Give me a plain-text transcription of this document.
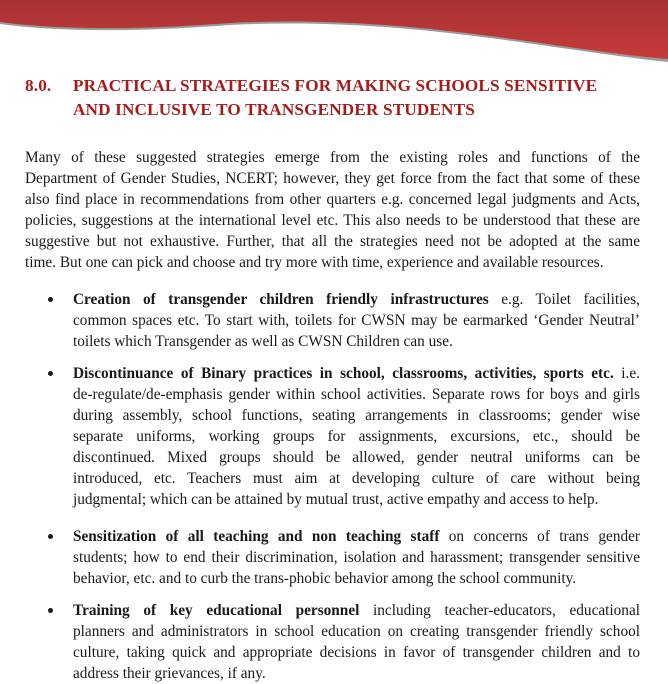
8.0. PRACTICAL STRATEGIES FOR MAKING SCHOOLS SENSITIVE
AND INCLUSIVE TO TRANSGENDER STUDENTS
Many of these suggested strategies emerge from the existing roles and functions of the
Department of Gender Studies, NCERT; however, they get force from the fact that some of these
also find place in recommendations from other quarters e.g. concerned legal judgments and Acts,
policies, suggestions at the international level etc. This also needs to be understood that these are
suggestive but not exhaustive. Further, that all the strategies need not be adopted at the same
time. But one can pick and choose and try more with time, experience and available resources.
Creation of transgender children friendly infrastructures e.g. Toilet facilities,
common spaces etc. To start with, toilets for CWSN may be earmarked ‘Gender Neutral’
toilets which Transgender as well as CWSN Children can use.
Discontinuance of Binary practices in school, classrooms, activities, sports etc. i.e.
de-regulate/de-emphasis gender within school activities. Separate rows for boys and girls
during assembly, school functions, seating arrangements in classrooms; gender wise
separate uniforms, working groups for assignments, excursions, etc., should be
discontinued. Mixed groups should be allowed, gender neutral uniforms can be
introduced, etc. Teachers must aim at developing culture of care without being
judgmental; which can be attained by mutual trust, active empathy and access to help.
Sensitization of all teaching and non teaching staff on concerns of trans gender
students; how to end their discrimination, isolation and harassment; transgender sensitive
behavior, etc. and to curb the trans-phobic behavior among the school community.
Training of key educational personnel including teacher-educators, educational
planners and administrators in school education on creating transgender friendly school
culture, taking quick and appropriate decisions in favor of transgender children and to
address their grievances, if any.
